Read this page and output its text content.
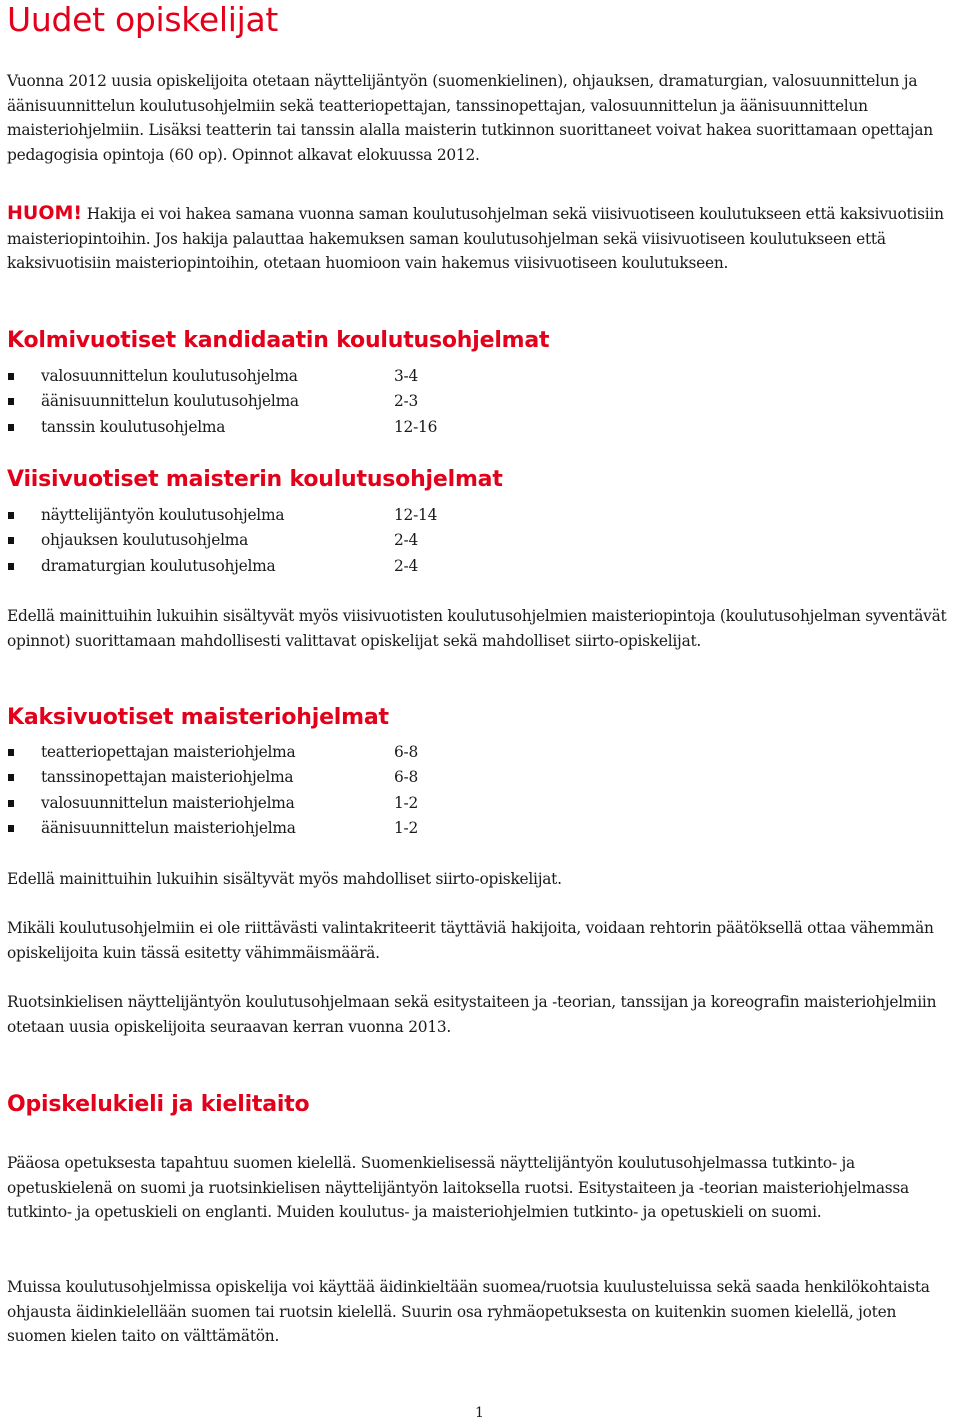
Uudet opiskelijat

Vuonna 2012 uusia opiskelijoita otetaan näyttelijäntyön (suomenkielinen), ohjauksen, dramaturgian, valosuunnittelun ja äänisuunnittelun koulutusohjelmiin sekä teatteriopettajan, tanssinopettajan, valosuunnittelun ja äänisuunnittelun maisteriohjelmiin. Lisäksi teatterin tai tanssin alalla maisterin tutkinnon suorittaneet voivat hakea suorittamaan opettajan pedagogisia opintoja (60 op). Opinnot alkavat elokuussa 2012.

HUOM! Hakija ei voi hakea samana vuonna saman koulutusohjelman sekä viisivuotiseen koulutukseen että kaksivuotisiin maisteriopintoihin. Jos hakija palauttaa hakemuksen saman koulutusohjelman sekä viisivuotiseen koulutukseen että kaksivuotisiin maisteriopintoihin, otetaan huomioon vain hakemus viisivuotiseen koulutukseen.

Kolmivuotiset kandidaatin koulutusohjelmat
valosuunnittelun koulutusohjelma	3-4
äänisuunnittelun koulutusohjelma	2-3
tanssin koulutusohjelma	12-16
Viisivuotiset maisterin koulutusohjelmat
näyttelijäntyön koulutusohjelma	12-14
ohjauksen koulutusohjelma	2-4
dramaturgian koulutusohjelma	2-4

Edellä mainittuihin lukuihin sisältyvät myös viisivuotisten koulutusohjelmien maisteriopintoja (koulutusohjelman syventävät opinnot) suorittamaan mahdollisesti valittavat opiskelijat sekä mahdolliset siirto-opiskelijat.

Kaksivuotiset maisteriohjelmat
teatteriopettajan maisteriohjelma	6-8
tanssinopettajan maisteriohjelma	6-8
valosuunnittelun maisteriohjelma	1-2
äänisuunnittelun maisteriohjelma	1-2

Edellä mainittuihin lukuihin sisältyvät myös mahdolliset siirto-opiskelijat.

Mikäli koulutusohjelmiin ei ole riittävästi valintakriteerit täyttäviä hakijoita, voidaan rehtorin päätöksellä ottaa vähemmän opiskelijoita kuin tässä esitetty vähimmäismäärä.

Ruotsinkielisen näyttelijäntyön koulutusohjelmaan sekä esitystaiteen ja -teorian, tanssijan ja koreografin maisteriohjelmiin otetaan uusia opiskelijoita seuraavan kerran vuonna 2013.

Opiskelukieli ja kielitaito

Pääosa opetuksesta tapahtuu suomen kielellä. Suomenkielisessä näyttelijäntyön koulutusohjelmassa tutkinto- ja opetuskielenä on suomi ja ruotsinkielisen näyttelijäntyön laitoksella ruotsi. Esitystaiteen ja -teorian maisteriohjelmassa tutkinto- ja opetuskieli on englanti. Muiden koulutus- ja maisteriohjelmien tutkinto- ja opetuskieli on suomi.

Muissa koulutusohjelmissa opiskelija voi käyttää äidinkieltään suomea/ruotsia kuulusteluissa sekä saada henkilökohtaista ohjausta äidinkielellään suomen tai ruotsin kielellä. Suurin osa ryhmäopetuksesta on kuitenkin suomen kielellä, joten suomen kielen taito on välttämätön.

1
